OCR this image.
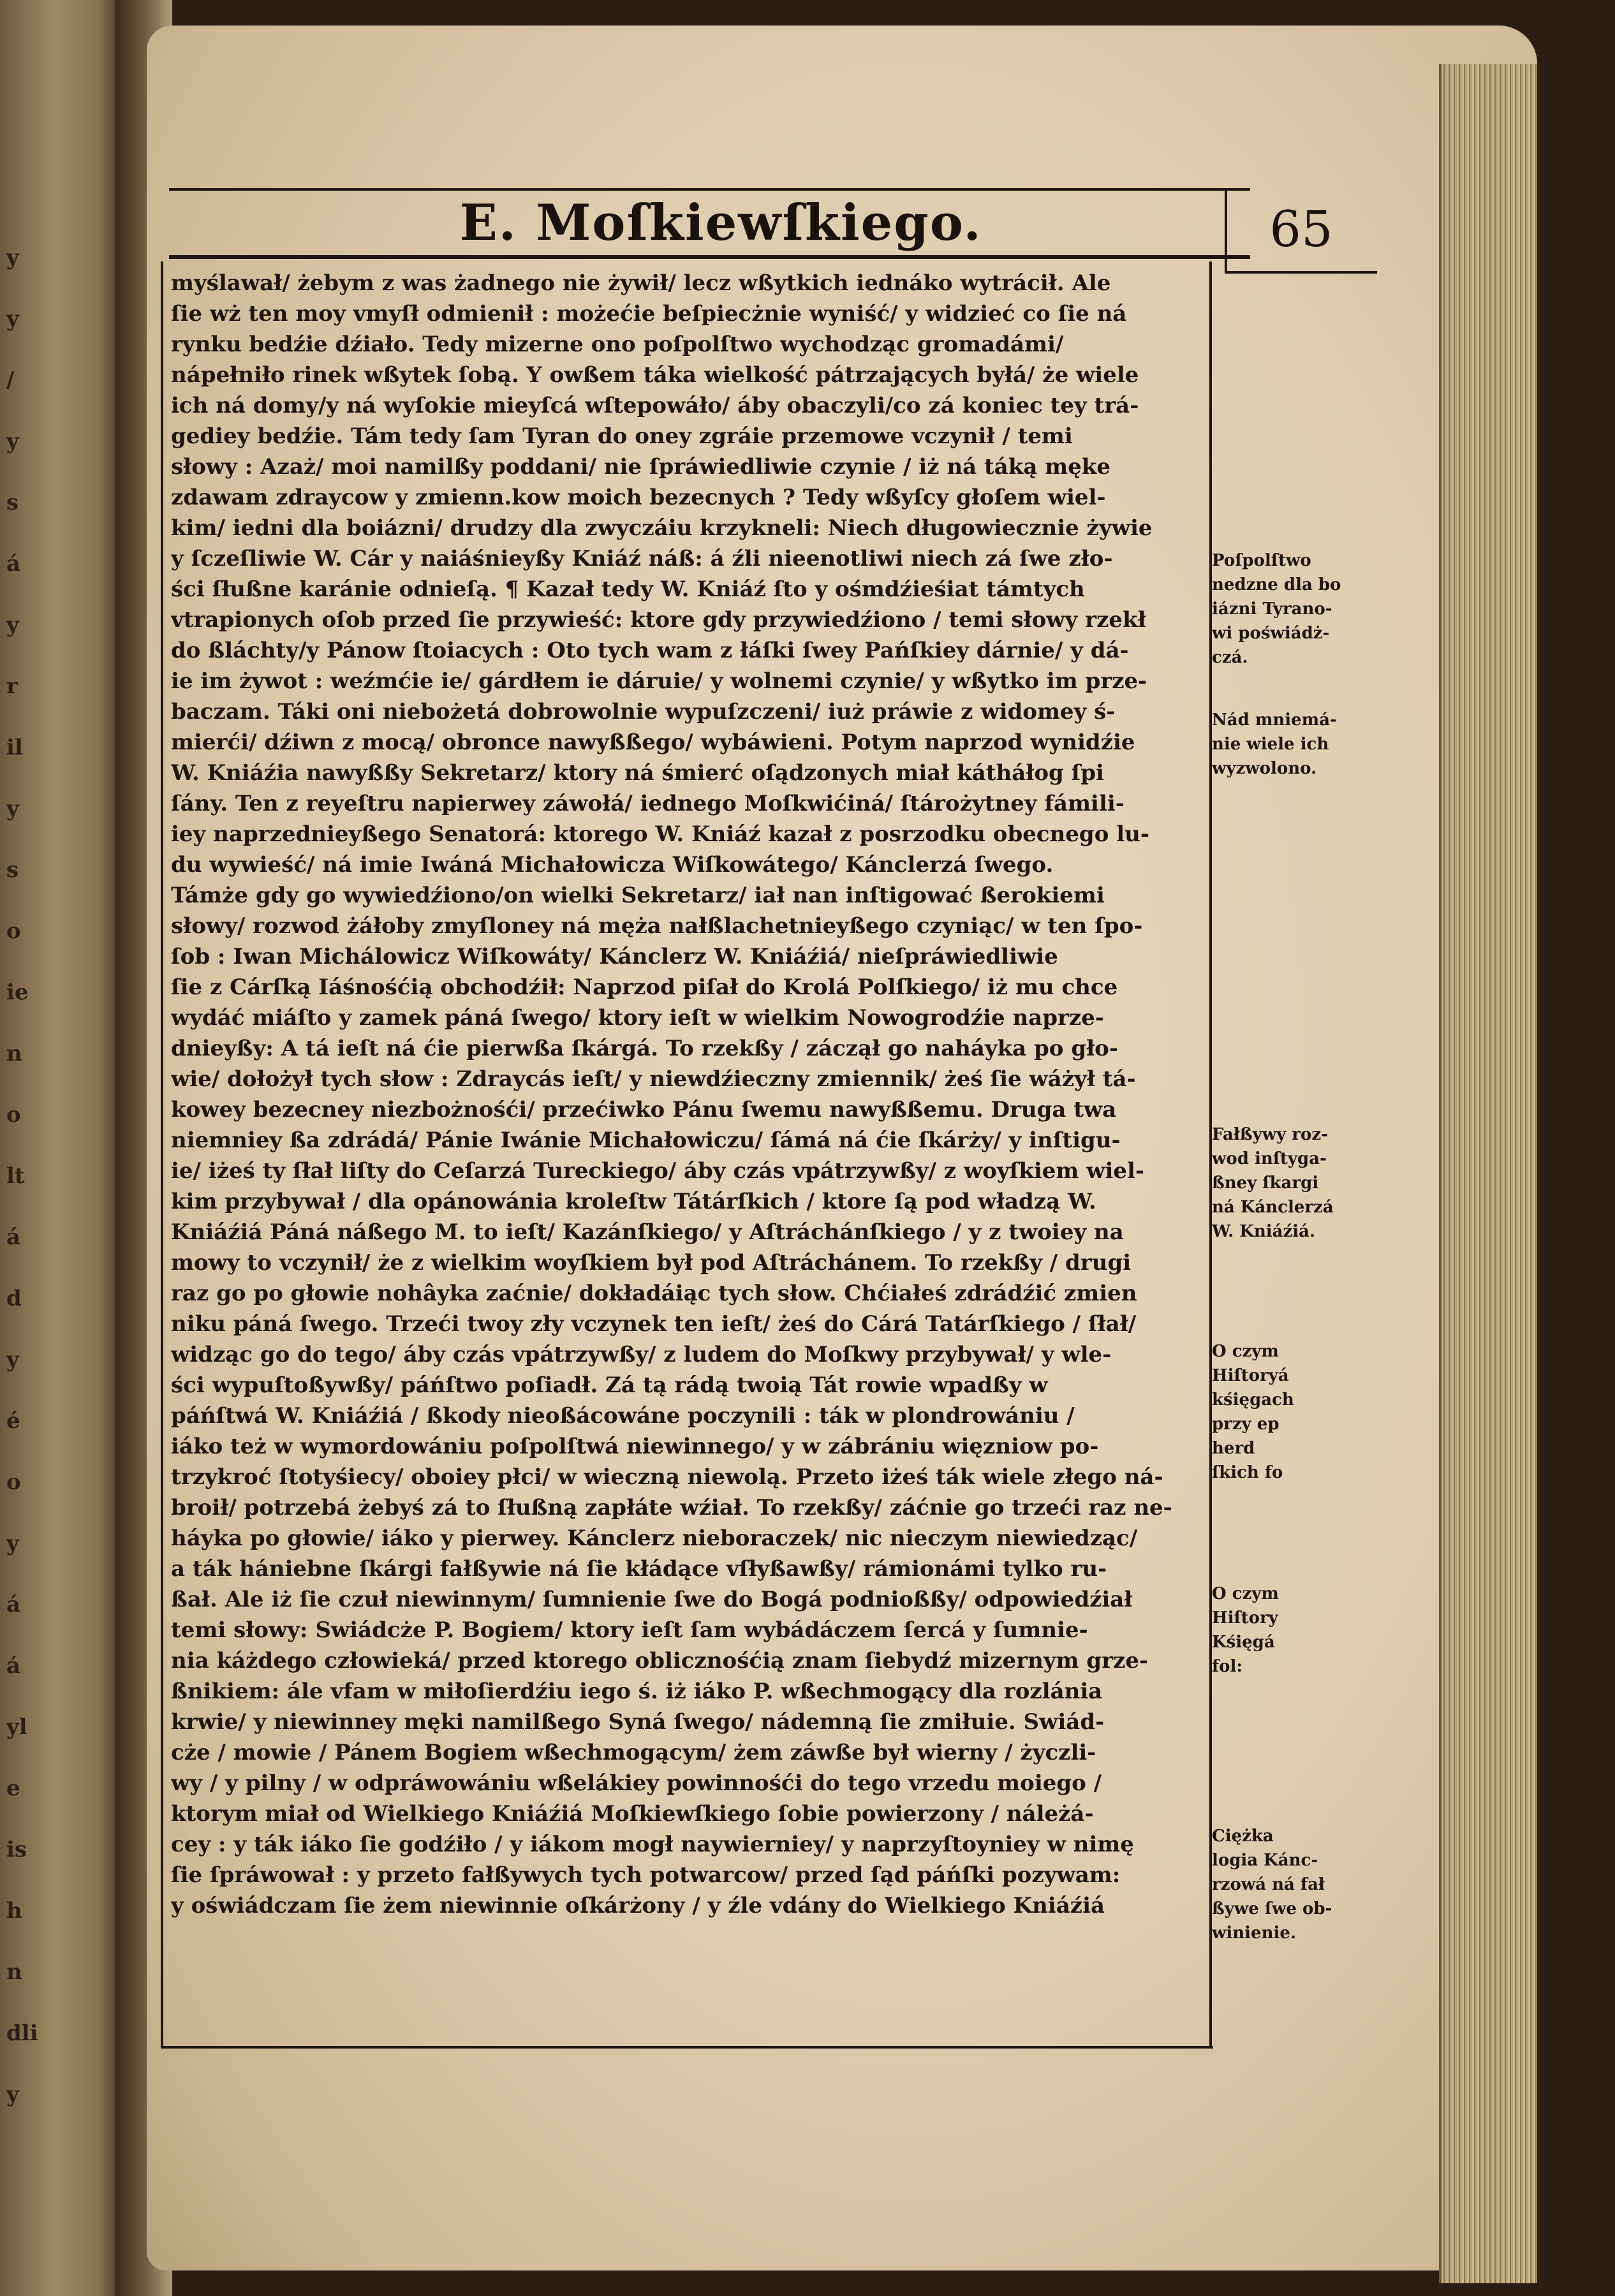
y
y
/
y
s
á
y
r
il
y
s
o
ie
n
o
lt
á
d
y
é
o
y
á
á
yl
e
is
h
n
dli
y
E. Moſkiewſkiego.	65
myślawał/ żebym z was żadnego nie żywił/ lecz wßytkich iednáko wytrácił. Ale
ſie wż ten moy vmyſł odmienił : możećie beſpiecżnie wyniść/ y widzieć co ſie ná
rynku bedźie dźiało. Tedy mizerne ono poſpolſtwo wychodząc gromadámi/
nápełniło rinek wßytek ſobą. Y owßem táka wielkość pátrzających byłá/ że wiele
ich ná domy/y ná wyſokie mieyſcá wſtepowáło/ áby obaczyli/co zá koniec tey trá-
gediey bedźie. Tám tedy ſam Tyran do oney zgráie przemowe vczynił / temi
słowy : Azaż/ moi namilßy poddani/ nie ſpráwiedliwie czynie / iż ná táką męke
zdawam zdraycow y zmienn.kow moich bezecnych ? Tedy wßyſcy głoſem wiel-
kim/ iedni dla boiázni/ drudzy dla zwyczáiu krzykneli: Niech długowiecznie żywie
y ſczeſliwie W. Cár y naiáśnieyßy Kniáź náß: á źli nieenotliwi niech zá ſwe zło-
ści ſłußne karánie odnieſą. ¶ Kazał tedy W. Kniáź ſto y ośmdźieśiat támtych
vtrapionych oſob przed ſie przywieść: ktore gdy przywiedźiono / temi słowy rzekł
do ßláchty/y Pánow ſtoiacych : Oto tych wam z łáſki ſwey Pańſkiey dárnie/ y dá-
ie im żywot : weźmćie ie/ gárdłem ie dáruie/ y wolnemi czynie/ y wßytko im prze-
baczam. Táki oni niebożetá dobrowolnie wypuſzczeni/ iuż práwie z widomey ś-
mierći/ dźiwn z mocą/ obronce nawyßßego/ wybáwieni. Potym naprzod wynidźie
W. Kniáźia nawyßßy Sekretarz/ ktory ná śmierć oſądzonych miał kátháłog ſpi
ſány. Ten z reyeſtru napierwey záwołá/ iednego Moſkwićiná/ ſtárożytney fámili-
iey naprzednieyßego Senatorá: ktorego W. Kniáź kazał z posrzodku obecnego lu-
du wywieść/ ná imie Iwáná Michałowicza Wiſkowátego/ Kánclerzá ſwego.
Támże gdy go wywiedźiono/on wielki Sekretarz/ iał nan inſtigować ßerokiemi
słowy/ rozwod żáłoby zmyſloney ná męża nałßlachetnieyßego czyniąc/ w ten ſpo-
ſob : Iwan Michálowicz Wiſkowáty/ Kánclerz W. Kniáźiá/ nieſpráwiedliwie
ſie z Cárſką Iáśnośćią obchodźił: Naprzod piſał do Krolá Polſkiego/ iż mu chce
wydáć miáſto y zamek páná ſwego/ ktory ieſt w wielkim Nowogrodźie naprze-
dnieyßy: A tá ieſt ná ćie pierwßa ſkárgá. To rzekßy / záczął go naháyka po gło-
wie/ dołożył tych słow : Zdraycás ieſt/ y niewdźieczny zmiennik/ żeś ſie wáżył tá-
kowey bezecney niezbożnośći/ przećiwko Pánu ſwemu nawyßßemu. Druga twa
niemniey ßa zdrádá/ Pánie Iwánie Michałowiczu/ ſámá ná ćie ſkárży/ y inſtigu-
ie/ iżeś ty ſłał liſty do Ceſarzá Tureckiego/ áby czás vpátrzywßy/ z woyſkiem wiel-
kim przybywał / dla opánowánia kroleſtw Tátárſkich / ktore ſą pod władzą W.
Kniáźiá Páná náßego M. to ieſt/ Kazánſkiego/ y Aſtráchánſkiego / y z twoiey na
mowy to vczynił/ że z wielkim woyſkiem był pod Aſtráchánem. To rzekßy / drugi
raz go po głowie nohâyka zaćnie/ dokładáiąc tych słow. Chćiałeś zdrádźić zmien
niku páná ſwego. Trzeći twoy zły vczynek ten ieſt/ żeś do Cárá Tatárſkiego / ſłał/
widząc go do tego/ áby czás vpátrzywßy/ z ludem do Moſkwy przybywał/ y wle-
ści wypuſtoßywßy/ páńſtwo poſiadł. Zá tą rádą twoią Tát rowie wpadßy w
páńſtwá W. Kniáźiá / ßkody nieoßácowáne poczynili : ták w plondrowániu /
iáko też w wymordowániu poſpolſtwá niewinnego/ y w zábrániu więzniow po-
trzykroć ſtotyśiecy/ oboiey płci/ w wieczną niewolą. Przeto iżeś ták wiele złego ná-
broił/ potrzebá żebyś zá to ſłußną zapłáte wźiał. To rzekßy/ záćnie go trzeći raz ne-
háyka po głowie/ iáko y pierwey. Kánclerz nieboraczek/ nic nieczym niewiedząc/
a ták hániebne ſkárgi fałßywie ná ſie kłádące vſłyßawßy/ rámionámi tylko ru-
ßał. Ale iż ſie czuł niewinnym/ ſumnienie ſwe do Bogá podnioßßy/ odpowiedźiał
temi słowy: Swiádcże P. Bogiem/ ktory ieſt ſam wybádáczem ſercá y ſumnie-
nia káżdego człowieká/ przed ktorego oblicznośćią znam ſiebydź mizernym grze-
ßnikiem: ále vfam w miłoſierdźiu iego ś. iż iáko P. wßechmogący dla rozlánia
krwie/ y niewinney męki namilßego Syná ſwego/ nádemną ſie zmiłuie. Swiád-
cże / mowie / Pánem Bogiem wßechmogącym/ żem záwße był wierny / życzli-
wy / y pilny / w odpráwowániu wßelákiey powinnośći do tego vrzedu moiego /
ktorym miał od Wielkiego Kniáźiá Moſkiewſkiego ſobie powierzony / náleżá-
cey : y ták iáko ſie godźiło / y iákom mogł naywierniey/ y naprzyſtoyniey w nimę
ſie ſpráwował : y przeto fałßywych tych potwarcow/ przed ſąd páńſki pozywam:
y oświádczam ſie żem niewinnie oſkárżony / y źle vdány do Wielkiego Kniáźiá
Poſpolſtwo
nedzne dla bo
iázni Tyrano-
wi poświádż-
czá.
Nád mniemá-
nie wiele ich
wyzwolono.
Fałßywy roz-
wod inſtyga-
ßney ſkargi
ná Kánclerzá
W. Kniáźiá.
O czym
Hiſtoryá
kśięgach
przy ep
herd
ſkich fo
O czym
Hiſtory
Kśięgá
fol:
Ciężka
logia Kánc-
rzowá ná fał
ßywe ſwe ob-
winienie.
